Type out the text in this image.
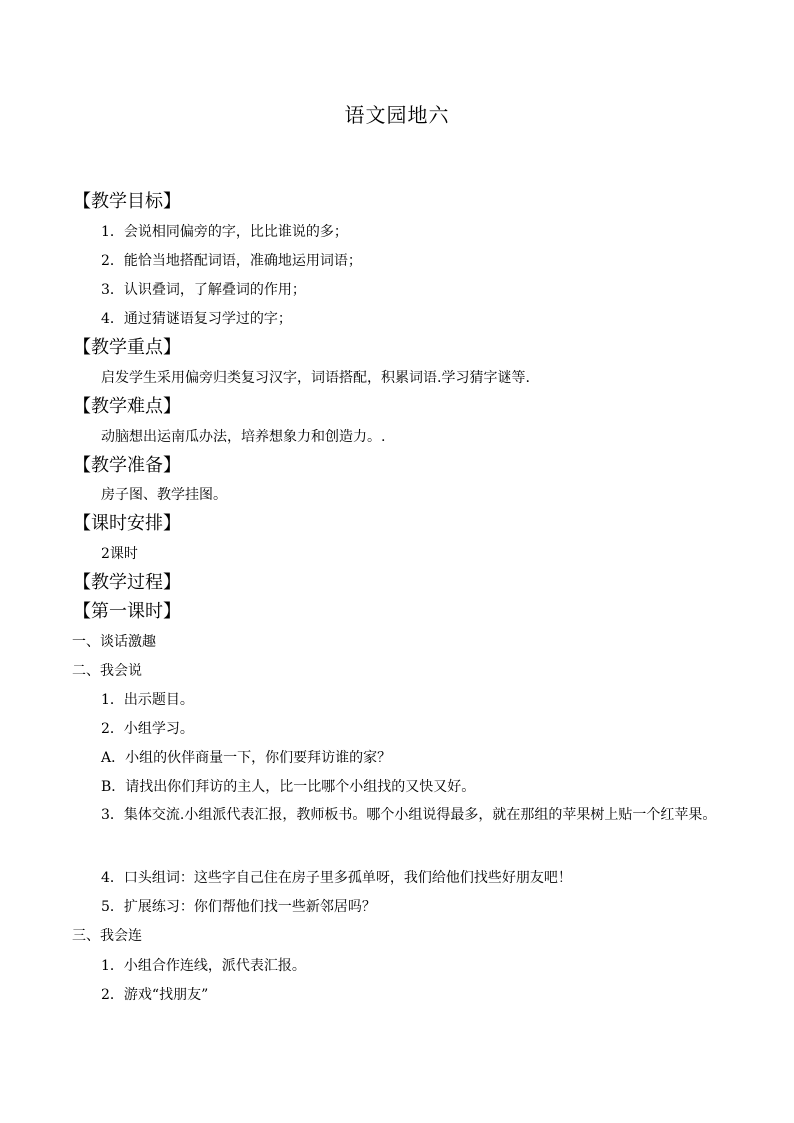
语文园地六
【教学目标】
1．会说相同偏旁的字，比比谁说的多；
2．能恰当地搭配词语，准确地运用词语；
3．认识叠词，了解叠词的作用；
4．通过猜谜语复习学过的字；
【教学重点】
启发学生采用偏旁归类复习汉字，词语搭配，积累词语.学习猜字谜等.
【教学难点】
动脑想出运南瓜办法，培养想象力和创造力。.
【教学准备】
房子图、教学挂图。
【课时安排】
2课时
【教学过程】
【第一课时】
一、谈话激趣
二、我会说
1．出示题目。
2．小组学习。
A．小组的伙伴商量一下，你们要拜访谁的家？
B．请找出你们拜访的主人，比一比哪个小组找的又快又好。
3．集体交流.小组派代表汇报，教师板书。哪个小组说得最多，就在那组的苹果树上贴一个红苹果。
4．口头组词：这些字自己住在房子里多孤单呀，我们给他们找些好朋友吧！
5．扩展练习：你们帮他们找一些新邻居吗？
三、我会连
1．小组合作连线，派代表汇报。
2．游戏“找朋友”
